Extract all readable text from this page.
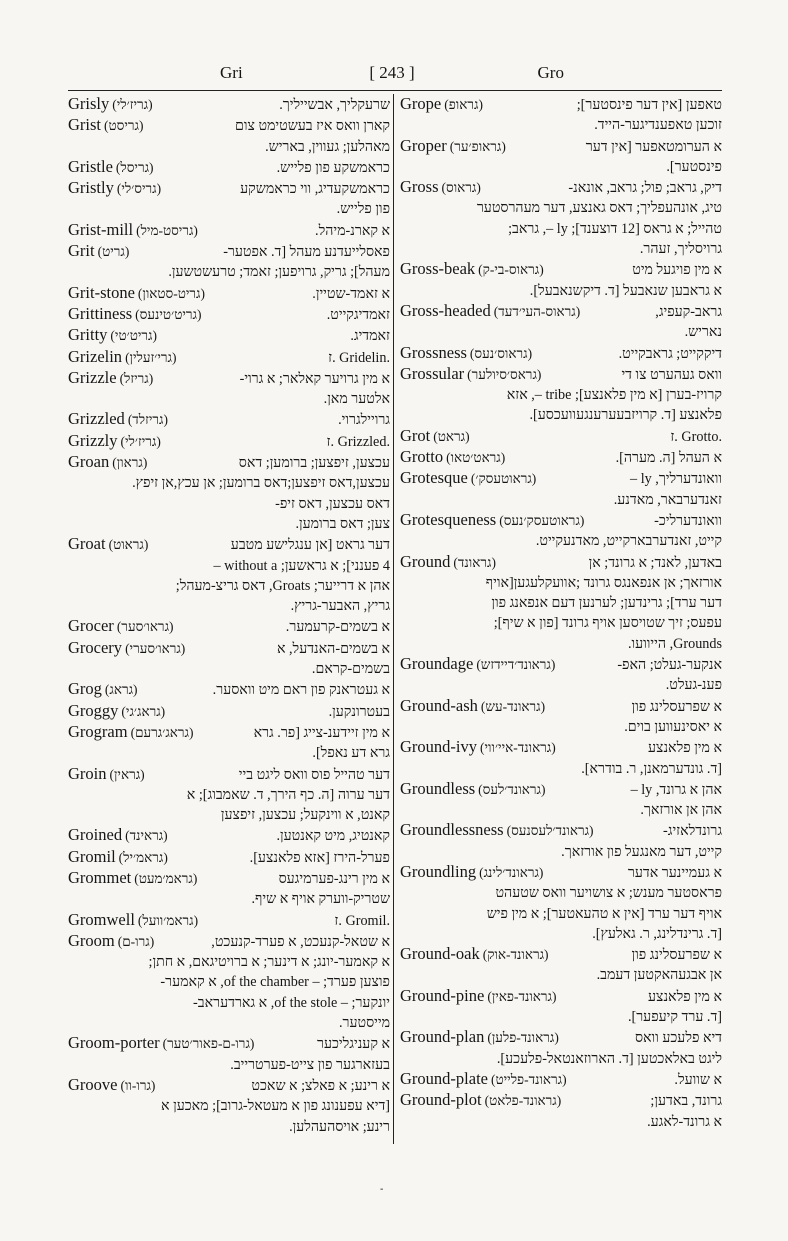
Gri	[ 243 ]	Gro
Grisly (גריז׳לי)	שרעקליך, אבשייליך.
Grist (גריסט)	קארן וואס איז בעשטימט צום
מאהלען; געווין, באריש.
Gristle (גריסל)	כראמשקע פון פלייש.
Gristly (גריס׳לי)	כראמשקעדיג, ווי כראמשקע
פון פלייש.
Grist-mill (גריסט-מיל)	א קארנ-מיהל.
Grit (גריט)	פאסלייעדנע מעהל [ד. אפטער-
מעהל]; גריק, גרויפען; זאמד; טרעשטשען.
Grit-stone (גריט-סטאון)	א זאמד-שטיין.
Grittiness (גריט׳טינעס)	זאמדיגקייט.
Gritty (גריט׳טי)	זאמדיג.
Grizelin (גרי׳זעלין)	.Gridelin .ז
Grizzle (גריזל)	א מין גרויער קאלאר; א גרוי-
אלטער מאן.
Grizzled (גריזלד)	גרויילגרוי.
Grizzly (גריז׳לי)	.Grizzled .ז
Groan (גראון)	עכצען, זיפצען; ברומען; דאס
עכצען,דאס זיפצען;דאס ברומען; אן עכץ,אן זיפץ.
דאס עכצען, דאס זיפ-
צען; דאס ברומען.
Groat (גראוט)	דער גראט [אן ענגלישע מטבע
4 פענני]; א גראשען; without a –
אהן א דרייער; Groats, דאס גריצ-מעהל;
גריץ, האבער-גריץ.
Grocer (גראו׳סער)	א בשמים-קרעמער.
Grocery (גראו׳סערי)	א בשמים-האנדעל, א
בשמים-קראם.
Grog (גראג)	א געטראנק פון ראם מיט וואסער.
Groggy (גראג׳גי)	בעטרונקען.
Grogram (גראג׳גרעם)	א מין זיידענ-צייג [פר. גרא
גרא דע נאפל].
Groin (גראין)	דער טהייל פוס וואס ליגט ביי
דער ערוה [ה. כף הירך, ד. שאמבוג]; א
קאנט, א ווינקעל; עכצען, זיפצען
Groined (גראינד)	קאנטיג, מיט קאנטען.
Gromil (גראמ׳יל)	פערל-הירז [אזא פלאנצע].
Grommet (גראמ׳מעט)	א מין רינג-פערמיגעס
שטריק-ווערק אויף א שיף.
Gromwell (גראמ׳וועל)	.Gromil .ז
Groom (גרו-ם)	א שטאל-קנעכט, א פערד-קנעכט,
א קאמער-יונג; א דינער; א ברויטיגאם, א חתן;
פוצען פערד; – of the chamber, א קאמער-
יונקער; – of the stole, א גארדעראב-
מייסטער.
Groom-porter (גרו-ם-פאור׳טער)	א קעניגליכער
בעזארגער פון צייט-פערטרייב.
Groove (גרו-וו)	א רינע; א פאלצ; א שאכט
[דיא עפענונג פון א מעטאל-גרוב]; מאכען א
רינע; אויסהעהלען.
Grope (גראופ)	טאפען [אין דער פינסטער];
זוכען טאפענדיגער-הייד.
Groper (גראופ׳ער)	א הערומטאפער [אין דער
פינסטער].
Gross (גראוס)	דיק, גראב; פול; גראב, אונאנ-
טיג, אונהעפליך; דאס גאנצע, דער מעהרסטער
טהייל; א גראס [12 דוצענד]; ly –, גראב;
גרויסליך, זעהר.
Gross-beak (גראוס-בי-ק)	א מין פויגעל מיט
א גראבען שנאבעל [ד. דיקשנאבעל].
Gross-headed (גראוס-העי׳דעד)	גראב-קעפיג,
נאריש.
Grossness (גראוס׳נעס)	דיקקייט; גראבקייט.
Grossular (גראס׳סיולער)	וואס געהערט צו די
קרויז-בערן [א מין פלאנצע]; tribe –, אזא
פלאנצע [ד. קרויזבעערענגעוועכסע].
Grot (גראט)	.Grotto .ז
Grotto (גראט׳טאו)	א העהל [ה. מערה].
Grotesque (גראוטעסק׳)	וואונדערליך, ly –
זאנדערבאר, מאדנע.
Grotesqueness (גראוטעסק׳נעס)	וואונדערליכ-
קייט, זאנדערבארקייט, מאדנעקייט.
Ground (גראונד)	באדען, לאנד; א גרונד; אן
אורזאך; אן אנפאנגס גרונד ;אוועקלעגען[אויף
דער ערד]; גרינדען; לערנען דעם אנפאנג פון
עפעס; זיך שטויסען אויף גרונד [פון א שיף];
Grounds, הייוועו.
Groundage (גראונד׳דיידזש)	אנקער-געלט; האפ-
פענ-געלט.
Ground-ash (גראונד-עש)	א שפרעסלינג פון
א יאסינעווען בוים.
Ground-ivy (גראונד-איי׳ווי)	א מין פלאנצע
[ד. גונדערמאנן, ר. בודרא].
Groundless (גראונד׳לעס)	אהן א גרונד, ly –
אהן אן אורזאך.
Groundlessness (גראונד׳לעסנעס)	גרונדלאזיג-
קייט, דער מאנגעל פון אורזאך.
Groundling (גראונד׳לינג)	א געמיינער אדער
פראסטער מענש; א צושויער וואס שטעהט
אויף דער ערד [אין א טהעאטער]; א מין פיש
[ד. גרינדלינג, ר. גאלעץ].
Ground-oak (גראונד-אוק)	א שפרעסלינג פון
אן אבגעהאקטען דעמב.
Ground-pine (גראונד-פאין)	א מין פלאנצע
[ד. ערד קיעפער].
Ground-plan (גראונד-פלען)	דיא פלעכע וואס
ליגט באלאכטען [ד. הארוזאנטאל-פלעכע].
Ground-plate (גראונד-פלייט)	א שוועל.
Ground-plot (גראונד-פלאט)	גרונד, באדען;
א גרונד-לאגע.
-
